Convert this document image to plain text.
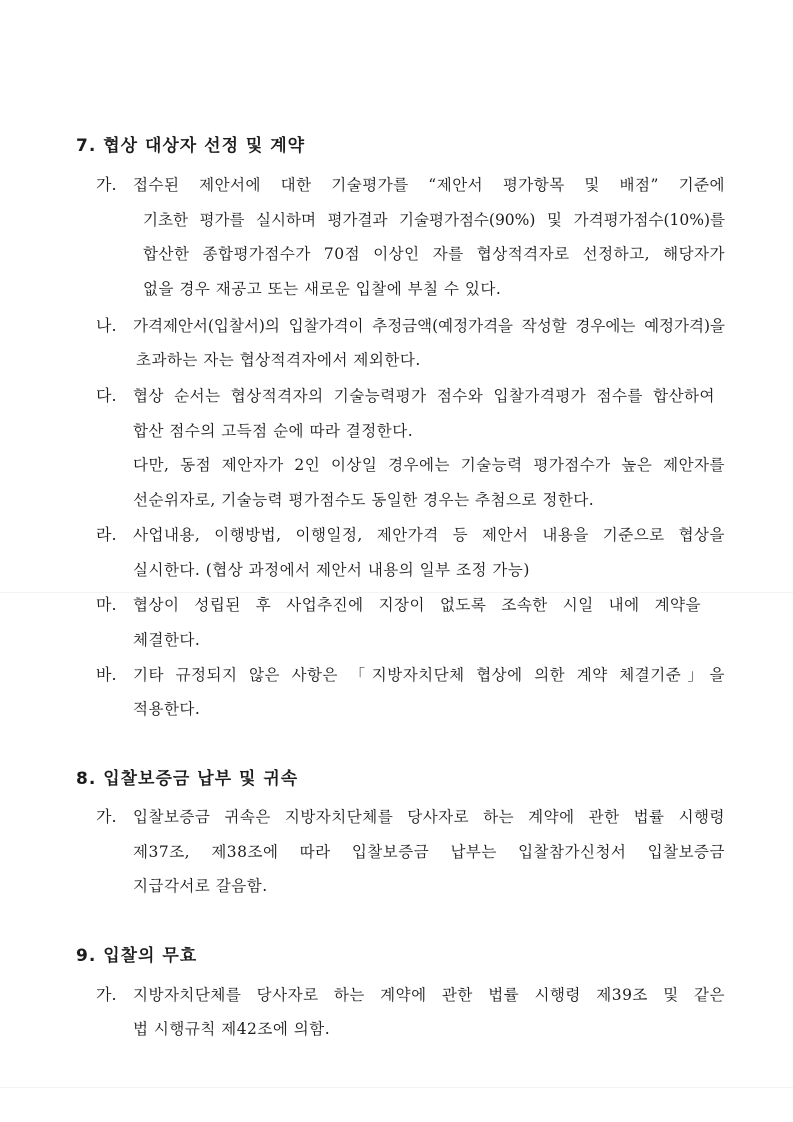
7. 협상 대상자 선정 및 계약
가. 접수된 제안서에 대한 기술평가를 “제안서 평가항목 및 배점” 기준에
기초한 평가를 실시하며 평가결과 기술평가점수(90%) 및 가격평가점수(10%)를
합산한 종합평가점수가 70점 이상인 자를 협상적격자로 선정하고, 해당자가
없을 경우 재공고 또는 새로운 입찰에 부칠 수 있다.
나. 가격제안서(입찰서)의 입찰가격이 추정금액(예정가격을 작성할 경우에는 예정가격)을
초과하는 자는 협상적격자에서 제외한다.
다. 협상 순서는 협상적격자의 기술능력평가 점수와 입찰가격평가 점수를 합산하여
합산 점수의 고득점 순에 따라 결정한다.
다만, 동점 제안자가 2인 이상일 경우에는 기술능력 평가점수가 높은 제안자를
선순위자로, 기술능력 평가점수도 동일한 경우는 추첨으로 정한다.
라. 사업내용, 이행방법, 이행일정, 제안가격 등 제안서 내용을 기준으로 협상을
실시한다. (협상 과정에서 제안서 내용의 일부 조정 가능)
마. 협상이 성립된 후 사업추진에 지장이 없도록 조속한 시일 내에 계약을
체결한다.
바. 기타 규정되지 않은 사항은 「지방자치단체 협상에 의한 계약 체결기준」을
적용한다.
8. 입찰보증금 납부 및 귀속
가. 입찰보증금 귀속은 지방자치단체를 당사자로 하는 계약에 관한 법률 시행령
제37조, 제38조에 따라 입찰보증금 납부는 입찰참가신청서 입찰보증금
지급각서로 갈음함.
9. 입찰의 무효
가. 지방자치단체를 당사자로 하는 계약에 관한 법률 시행령 제39조 및 같은
법 시행규칙 제42조에 의함.
